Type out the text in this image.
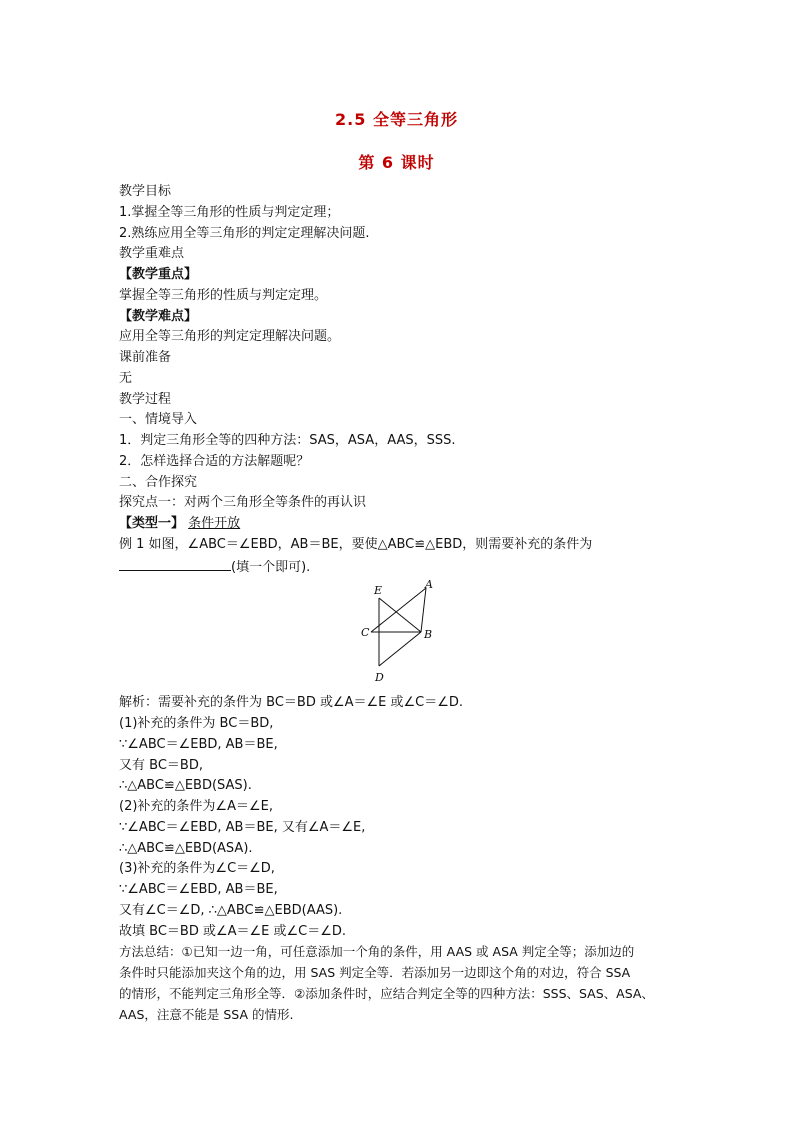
2.5 全等三角形
第 6 课时
教学目标
1.掌握全等三角形的性质与判定定理；
2.熟练应用全等三角形的判定定理解决问题.
教学重难点
【教学重点】
掌握全等三角形的性质与判定定理。
【教学难点】
应用全等三角形的判定定理解决问题。
课前准备
无
教学过程
一、情境导入
1．判定三角形全等的四种方法：SAS，ASA，AAS，SSS.
2．怎样选择合适的方法解题呢？
二、合作探究
探究点一：对两个三角形全等条件的再认识
【类型一】 条件开放
例 1 如图，∠ABC＝∠EBD，AB＝BE，要使△ABC≌△EBD，则需要补充的条件为
(填一个即可).
E	A
C	B
D
解析：需要补充的条件为 BC＝BD 或∠A＝∠E 或∠C＝∠D.
(1)补充的条件为 BC＝BD,
∵∠ABC＝∠EBD, AB＝BE,
又有 BC＝BD,
∴△ABC≌△EBD(SAS).
(2)补充的条件为∠A＝∠E,
∵∠ABC＝∠EBD, AB＝BE, 又有∠A＝∠E,
∴△ABC≌△EBD(ASA).
(3)补充的条件为∠C＝∠D,
∵∠ABC＝∠EBD, AB＝BE,
又有∠C＝∠D, ∴△ABC≌△EBD(AAS).
故填 BC＝BD 或∠A＝∠E 或∠C＝∠D.
方法总结：①已知一边一角，可任意添加一个角的条件，用 AAS 或 ASA 判定全等；添加边的
条件时只能添加夹这个角的边，用 SAS 判定全等．若添加另一边即这个角的对边，符合 SSA
的情形，不能判定三角形全等．②添加条件时，应结合判定全等的四种方法：SSS、SAS、ASA、
AAS，注意不能是 SSA 的情形.
